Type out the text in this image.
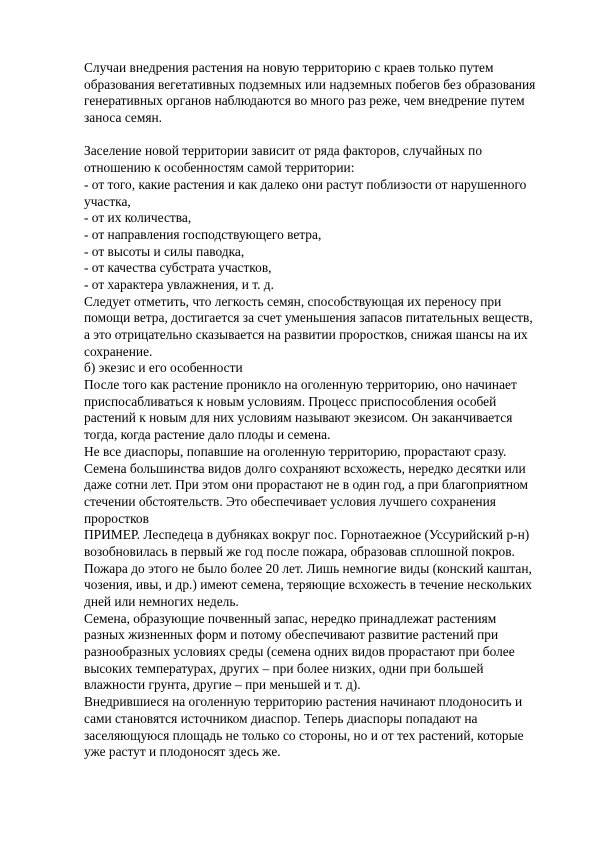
Случаи внедрения растения на новую территорию с краев только путем
образования вегетативных подземных или надземных побегов без образования
генеративных органов наблюдаются во много раз реже, чем внедрение путем
заноса семян.
Заселение новой территории зависит от ряда факторов, случайных по
отношению к особенностям самой территории:
- от того, какие растения и как далеко они растут поблизости от нарушенного
участка,
- от их количества,
- от направления господствующего ветра,
- от высоты и силы паводка,
- от качества субстрата участков,
- от характера увлажнения, и т. д.
Следует отметить, что легкость семян, способствующая их переносу при
помощи ветра, достигается за счет уменьшения запасов питательных веществ,
а это отрицательно сказывается на развитии проростков, снижая шансы на их
сохранение.
б) экезис и его особенности
После того как растение проникло на оголенную территорию, оно начинает
приспосабливаться к новым условиям. Процесс приспособления особей
растений к новым для них условиям называют экезисом. Он заканчивается
тогда, когда растение дало плоды и семена.
Не все диаспоры, попавшие на оголенную территорию, прорастают сразу.
Семена большинства видов долго сохраняют всхожесть, нередко десятки или
даже сотни лет. При этом они прорастают не в один год, а при благоприятном
стечении обстоятельств. Это обеспечивает условия лучшего сохранения
проростков
ПРИМЕР. Леспедеца в дубняках вокруг пос. Горнотаежное (Уссурийский р-н)
возобновилась в первый же год после пожара, образовав сплошной покров.
Пожара до этого не было более 20 лет. Лишь немногие виды (конский каштан,
чозения, ивы, и др.) имеют семена, теряющие всхожесть в течение нескольких
дней или немногих недель.
Семена, образующие почвенный запас, нередко принадлежат растениям
разных жизненных форм и потому обеспечивают развитие растений при
разнообразных условиях среды (семена одних видов прорастают при более
высоких температурах, других – при более низких, одни при большей
влажности грунта, другие – при меньшей и т. д).
Внедрившиеся на оголенную территорию растения начинают плодоносить и
сами становятся источником диаспор. Теперь диаспоры попадают на
заселяющуюся площадь не только со стороны, но и от тех растений, которые
уже растут и плодоносят здесь же.
